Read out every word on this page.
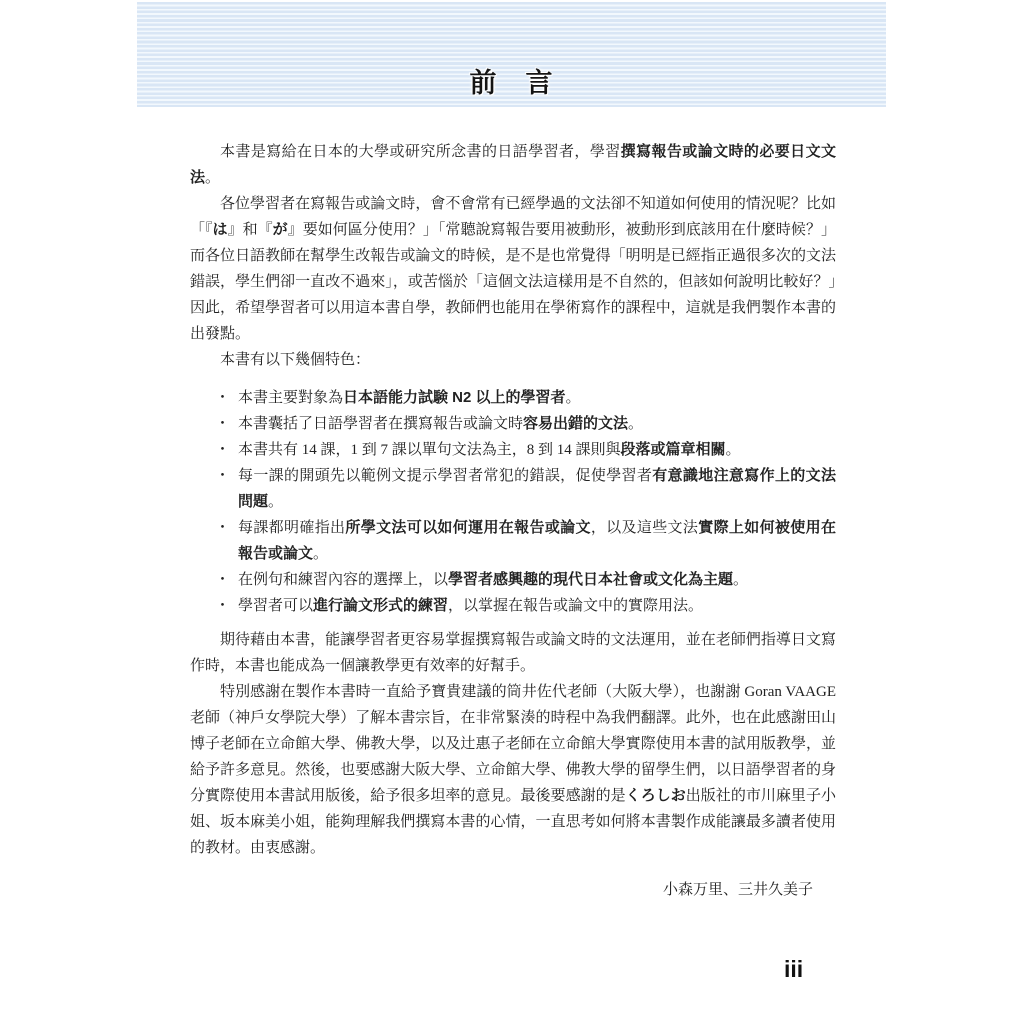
前　言

本書是寫給在日本的大學或研究所念書的日語學習者，學習撰寫報告或論文時的必要日文文法。

各位學習者在寫報告或論文時，會不會常有已經學過的文法卻不知道如何使用的情況呢？比如「『は』和『が』要如何區分使用？」「常聽說寫報告要用被動形，被動形到底該用在什麼時候？」而各位日語教師在幫學生改報告或論文的時候，是不是也常覺得「明明是已經指正過很多次的文法錯誤，學生們卻一直改不過來」，或苦惱於「這個文法這樣用是不自然的，但該如何說明比較好？」因此，希望學習者可以用這本書自學，教師們也能用在學術寫作的課程中，這就是我們製作本書的出發點。

本書有以下幾個特色：

・ 本書主要對象為日本語能力試験 N2 以上的學習者。
・ 本書囊括了日語學習者在撰寫報告或論文時容易出錯的文法。
・ 本書共有 14 課，1 到 7 課以單句文法為主，8 到 14 課則與段落或篇章相關。
・ 每一課的開頭先以範例文提示學習者常犯的錯誤，促使學習者有意識地注意寫作上的文法問題。
・ 每課都明確指出所學文法可以如何運用在報告或論文，以及這些文法實際上如何被使用在報告或論文。
・ 在例句和練習內容的選擇上，以學習者感興趣的現代日本社會或文化為主題。
・ 學習者可以進行論文形式的練習，以掌握在報告或論文中的實際用法。

期待藉由本書，能讓學習者更容易掌握撰寫報告或論文時的文法運用，並在老師們指導日文寫作時，本書也能成為一個讓教學更有效率的好幫手。

特別感謝在製作本書時一直給予寶貴建議的筒井佐代老師（大阪大學），也謝謝 Goran VAAGE 老師（神戶女學院大學）了解本書宗旨，在非常緊湊的時程中為我們翻譯。此外，也在此感謝田山博子老師在立命館大學、佛教大學，以及辻惠子老師在立命館大學實際使用本書的試用版教學，並給予許多意見。然後，也要感謝大阪大學、立命館大學、佛教大學的留學生們，以日語學習者的身分實際使用本書試用版後，給予很多坦率的意見。最後要感謝的是くろしお出版社的市川麻里子小姐、坂本麻美小姐，能夠理解我們撰寫本書的心情，一直思考如何將本書製作成能讓最多讀者使用的教材。由衷感謝。

小森万里、三井久美子
iii
